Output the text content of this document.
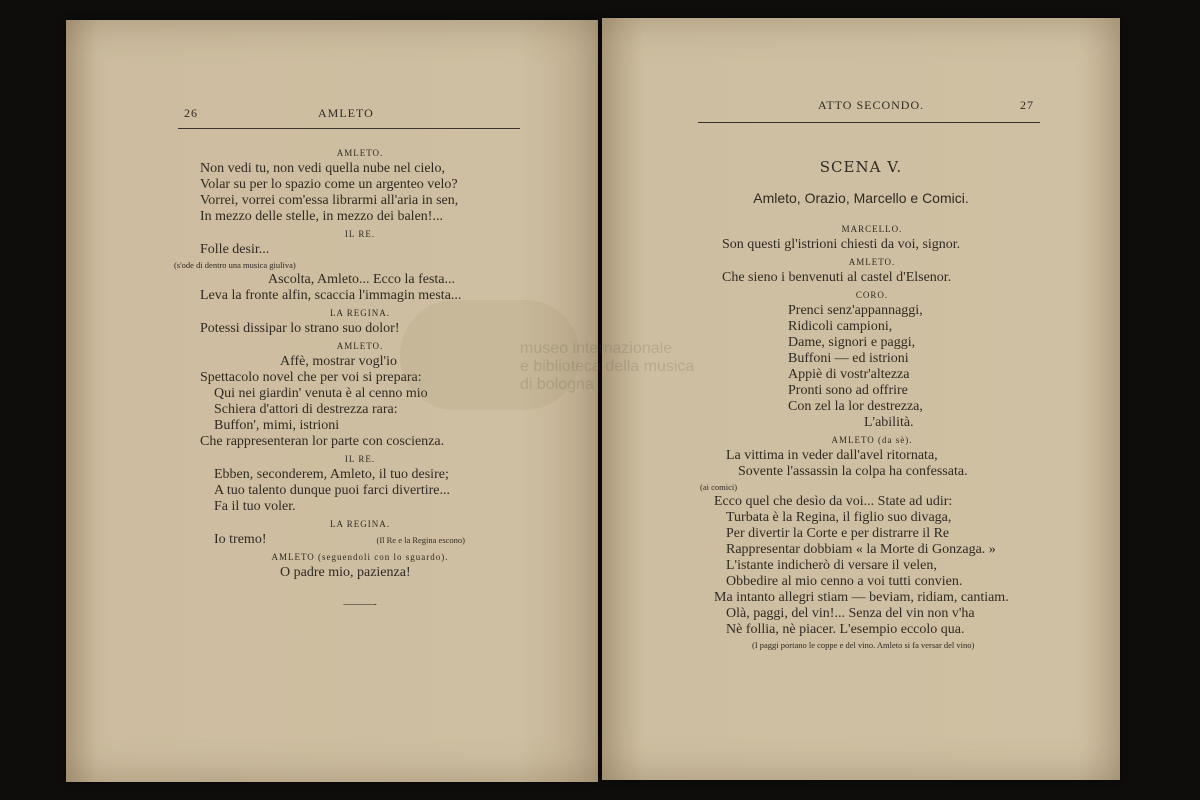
26	AMLETO
AMLETO.
Non vedi tu, non vedi quella nube nel cielo,
Volar su per lo spazio come un argenteo velo?
Vorrei, vorrei com'essa librarmi all'aria in sen,
In mezzo delle stelle, in mezzo dei balen!...
IL RE.
Folle desir...
(s'ode di dentro una musica giuliva)
Ascolta, Amleto... Ecco la festa...
Leva la fronte alfin, scaccia l'immagin mesta...
LA REGINA.
Potessi dissipar lo strano suo dolor!
AMLETO.
Affè, mostrar vogl'io
Spettacolo novel che per voi si prepara:
Qui nei giardin' venuta è al cenno mio
Schiera d'attori di destrezza rara:
Buffon', mimi, istrioni
Che rappresenteran lor parte con coscienza.
IL RE.
Ebben, seconderem, Amleto, il tuo desire;
A tuo talento dunque puoi farci divertire...
Fa il tuo voler.
LA REGINA.
Io tremo!	(Il Re e la Regina escono)
AMLETO (seguendoli con lo sguardo).
O padre mio, pazienza!
———-
ATTO SECONDO.	27
SCENA V.
Amleto, Orazio, Marcello e Comici.
MARCELLO.
Son questi gl'istrioni chiesti da voi, signor.
AMLETO.
Che sieno i benvenuti al castel d'Elsenor.
CORO.
Prenci senz'appannaggi,
Ridicoli campioni,
Dame, signori e paggi,
Buffoni — ed istrioni
Appiè di vostr'altezza
Pronti sono ad offrire
Con zel la lor destrezza,
L'abilità.
AMLETO (da sè).
La vittima in veder dall'avel ritornata,
Sovente l'assassin la colpa ha confessata.
(ai comici)
Ecco quel che desìo da voi... State ad udir:
Turbata è la Regina, il figlio suo divaga,
Per divertir la Corte e per distrarre il Re
Rappresentar dobbiam « la Morte di Gonzaga. »
L'istante indicherò di versare il velen,
Obbedire al mio cenno a voi tutti convien.
Ma intanto allegri stiam — beviam, ridiam, cantiam.
Olà, paggi, del vin!... Senza del vin non v'ha
Nè follia, nè piacer. L'esempio eccolo qua.
(I paggi portano le coppe e del vino. Amleto si fa versar del vino)
museo internazionale
e biblioteca della musica
di bologna
